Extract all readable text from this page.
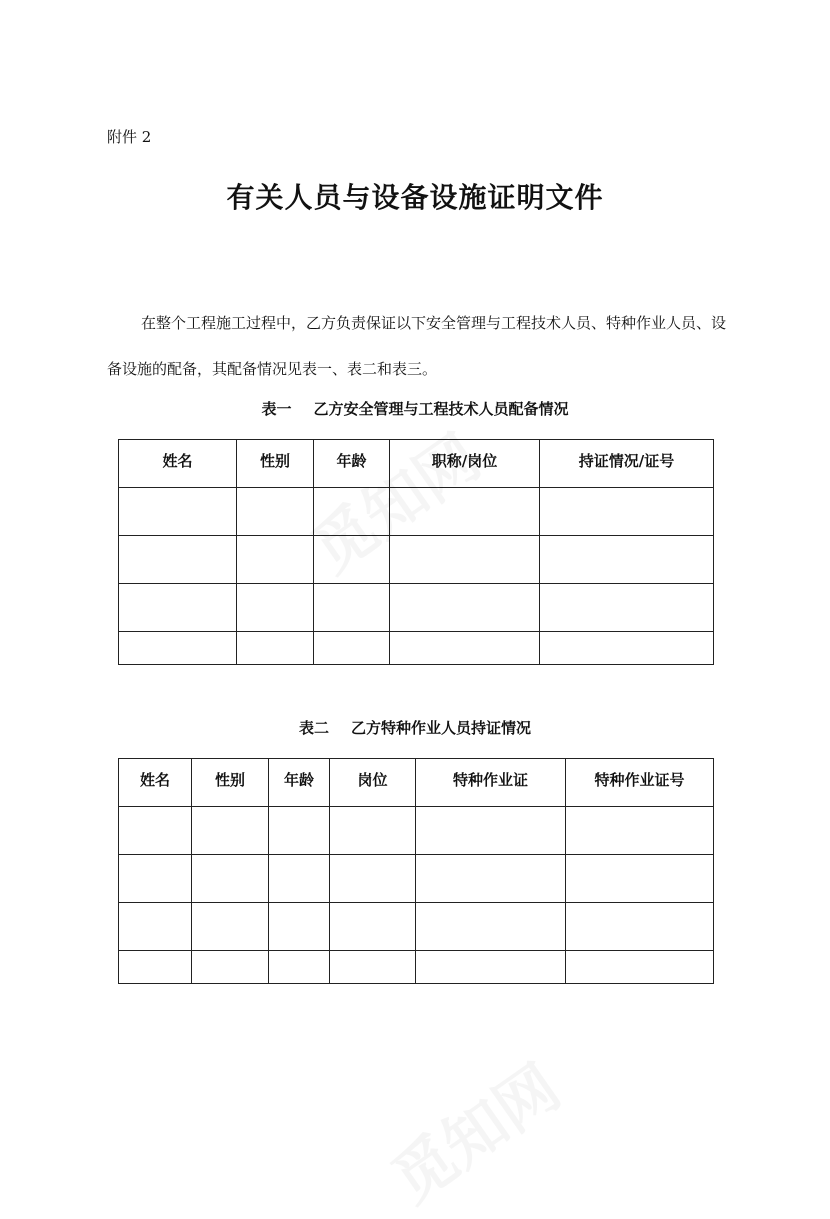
附件 2
有关人员与设备设施证明文件
在整个工程施工过程中，乙方负责保证以下安全管理与工程技术人员、特种作业人员、设备设施的配备，其配备情况见表一、表二和表三。
表一 乙方安全管理与工程技术人员配备情况
姓名	性别	年龄	职称/岗位	持证情况/证号

表二 乙方特种作业人员持证情况
姓名	性别	年龄	岗位	特种作业证	特种作业证号
